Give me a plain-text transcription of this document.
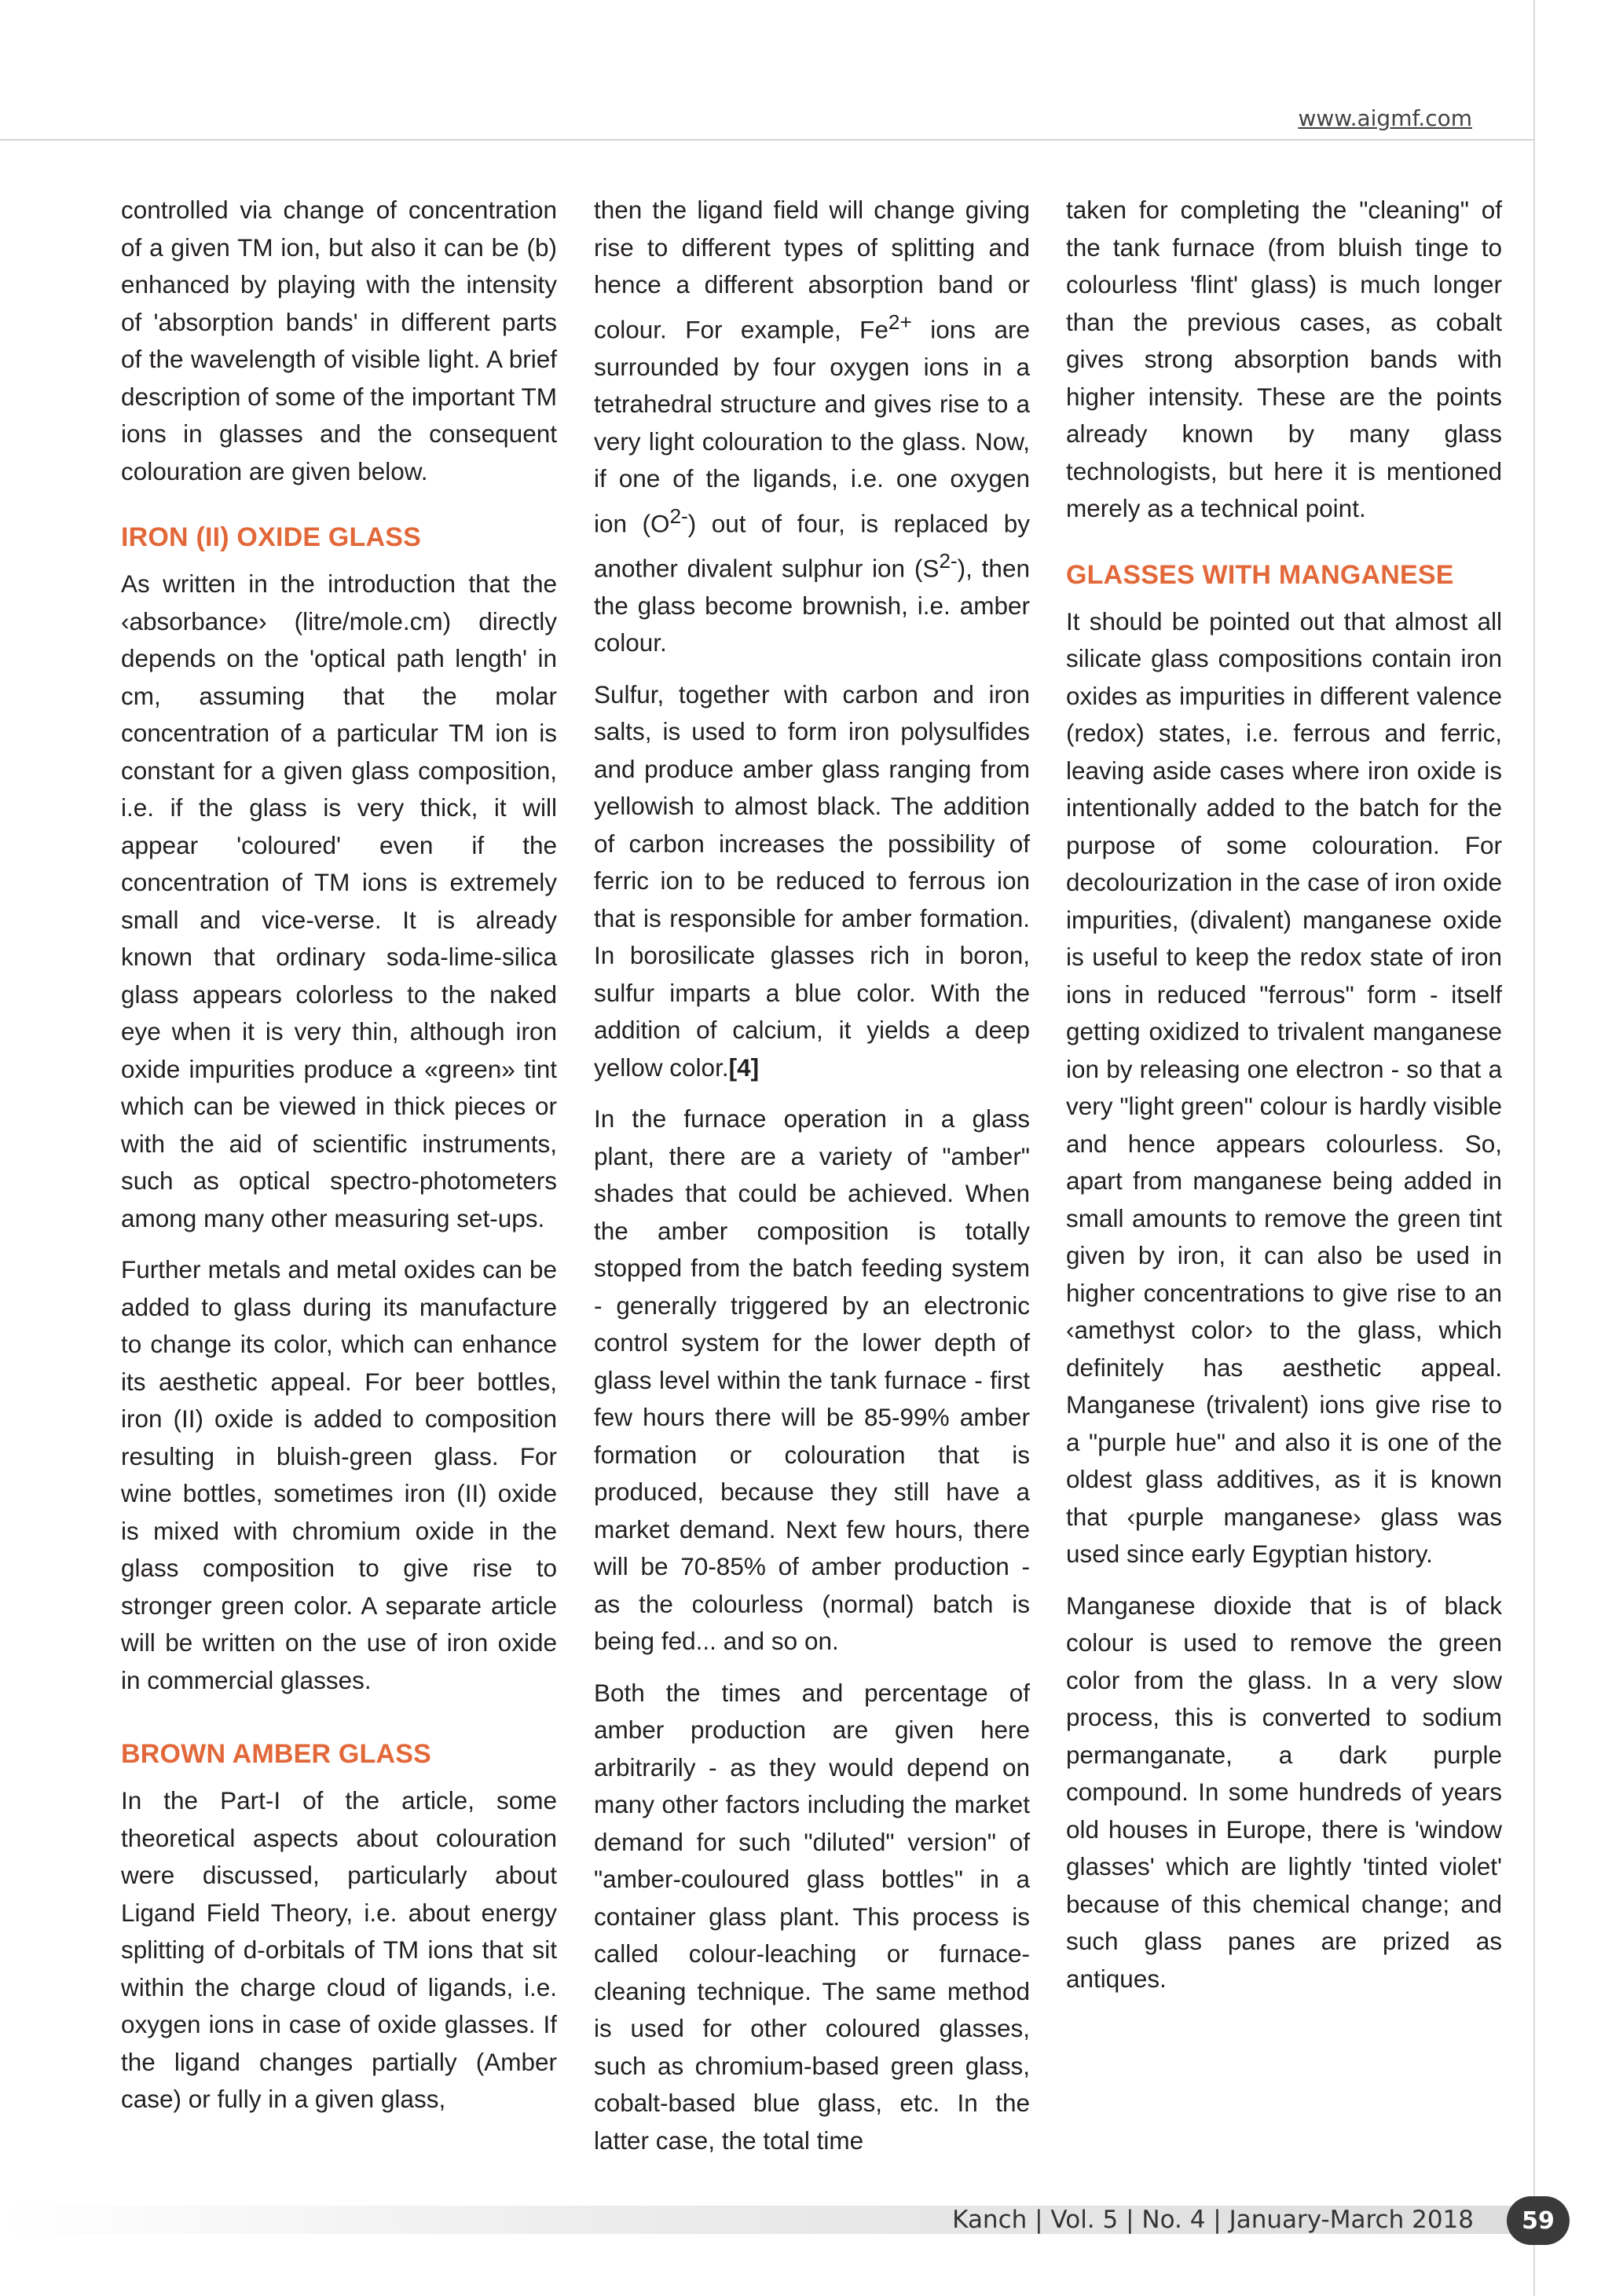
www.aigmf.com

controlled via change of concentration of a given TM ion, but also it can be (b) enhanced by playing with the intensity of 'absorption bands' in different parts of the wavelength of visible light. A brief description of some of the important TM ions in glasses and the consequent colouration are given below.

IRON (II) OXIDE GLASS

As written in the introduction that the ‹absorbance› (litre/mole.cm) directly depends on the 'optical path length' in cm, assuming that the molar concentration of a particular TM ion is constant for a given glass composition, i.e. if the glass is very thick, it will appear 'coloured' even if the concentration of TM ions is extremely small and vice-verse. It is already known that ordinary soda-lime-silica glass appears colorless to the naked eye when it is very thin, although iron oxide impurities produce a «green» tint which can be viewed in thick pieces or with the aid of scientific instruments, such as optical spectro-photometers among many other measuring set-ups.

Further metals and metal oxides can be added to glass during its manufacture to change its color, which can enhance its aesthetic appeal. For beer bottles, iron (II) oxide is added to composition resulting in bluish-green glass. For wine bottles, sometimes iron (II) oxide is mixed with chromium oxide in the glass composition to give rise to stronger green color. A separate article will be written on the use of iron oxide in commercial glasses.

BROWN AMBER GLASS

In the Part-I of the article, some theoretical aspects about colouration were discussed, particularly about Ligand Field Theory, i.e. about energy splitting of d-orbitals of TM ions that sit within the charge cloud of ligands, i.e. oxygen ions in case of oxide glasses. If the ligand changes partially (Amber case) or fully in a given glass,

then the ligand field will change giving rise to different types of splitting and hence a different absorption band or colour. For example, $Fe^{2+}$ ions are surrounded by four oxygen ions in a tetrahedral structure and gives rise to a very light colouration to the glass. Now, if one of the ligands, i.e. one oxygen ion $(O^{2-})$ out of four, is replaced by another divalent sulphur ion $(S^{2-})$, then the glass become brownish, i.e. amber colour.

Sulfur, together with carbon and iron salts, is used to form iron polysulfides and produce amber glass ranging from yellowish to almost black. The addition of carbon increases the possibility of ferric ion to be reduced to ferrous ion that is responsible for amber formation. In borosilicate glasses rich in boron, sulfur imparts a blue color. With the addition of calcium, it yields a deep yellow color.[4]

In the furnace operation in a glass plant, there are a variety of "amber" shades that could be achieved. When the amber composition is totally stopped from the batch feeding system - generally triggered by an electronic control system for the lower depth of glass level within the tank furnace - first few hours there will be 85-99% amber formation or colouration that is produced, because they still have a market demand. Next few hours, there will be 70-85% of amber production - as the colourless (normal) batch is being fed... and so on.

Both the times and percentage of amber production are given here arbitrarily - as they would depend on many other factors including the market demand for such "diluted" version" of "amber-couloured glass bottles" in a container glass plant. This process is called colour-leaching or furnace-cleaning technique. The same method is used for other coloured glasses, such as chromium-based green glass, cobalt-based blue glass, etc. In the latter case, the total time

taken for completing the "cleaning" of the tank furnace (from bluish tinge to colourless 'flint' glass) is much longer than the previous cases, as cobalt gives strong absorption bands with higher intensity. These are the points already known by many glass technologists, but here it is mentioned merely as a technical point.

GLASSES WITH MANGANESE

It should be pointed out that almost all silicate glass compositions contain iron oxides as impurities in different valence (redox) states, i.e. ferrous and ferric, leaving aside cases where iron oxide is intentionally added to the batch for the purpose of some colouration. For decolourization in the case of iron oxide impurities, (divalent) manganese oxide is useful to keep the redox state of iron ions in reduced "ferrous" form - itself getting oxidized to trivalent manganese ion by releasing one electron - so that a very "light green" colour is hardly visible and hence appears colourless. So, apart from manganese being added in small amounts to remove the green tint given by iron, it can also be used in higher concentrations to give rise to an ‹amethyst color› to the glass, which definitely has aesthetic appeal. Manganese (trivalent) ions give rise to a "purple hue" and also it is one of the oldest glass additives, as it is known that ‹purple manganese› glass was used since early Egyptian history.

Manganese dioxide that is of black colour is used to remove the green color from the glass. In a very slow process, this is converted to sodium permanganate, a dark purple compound. In some hundreds of years old houses in Europe, there is 'window glasses' which are lightly 'tinted violet' because of this chemical change; and such glass panes are prized as antiques.

Kanch | Vol. 5 | No. 4 | January-March 2018	59
